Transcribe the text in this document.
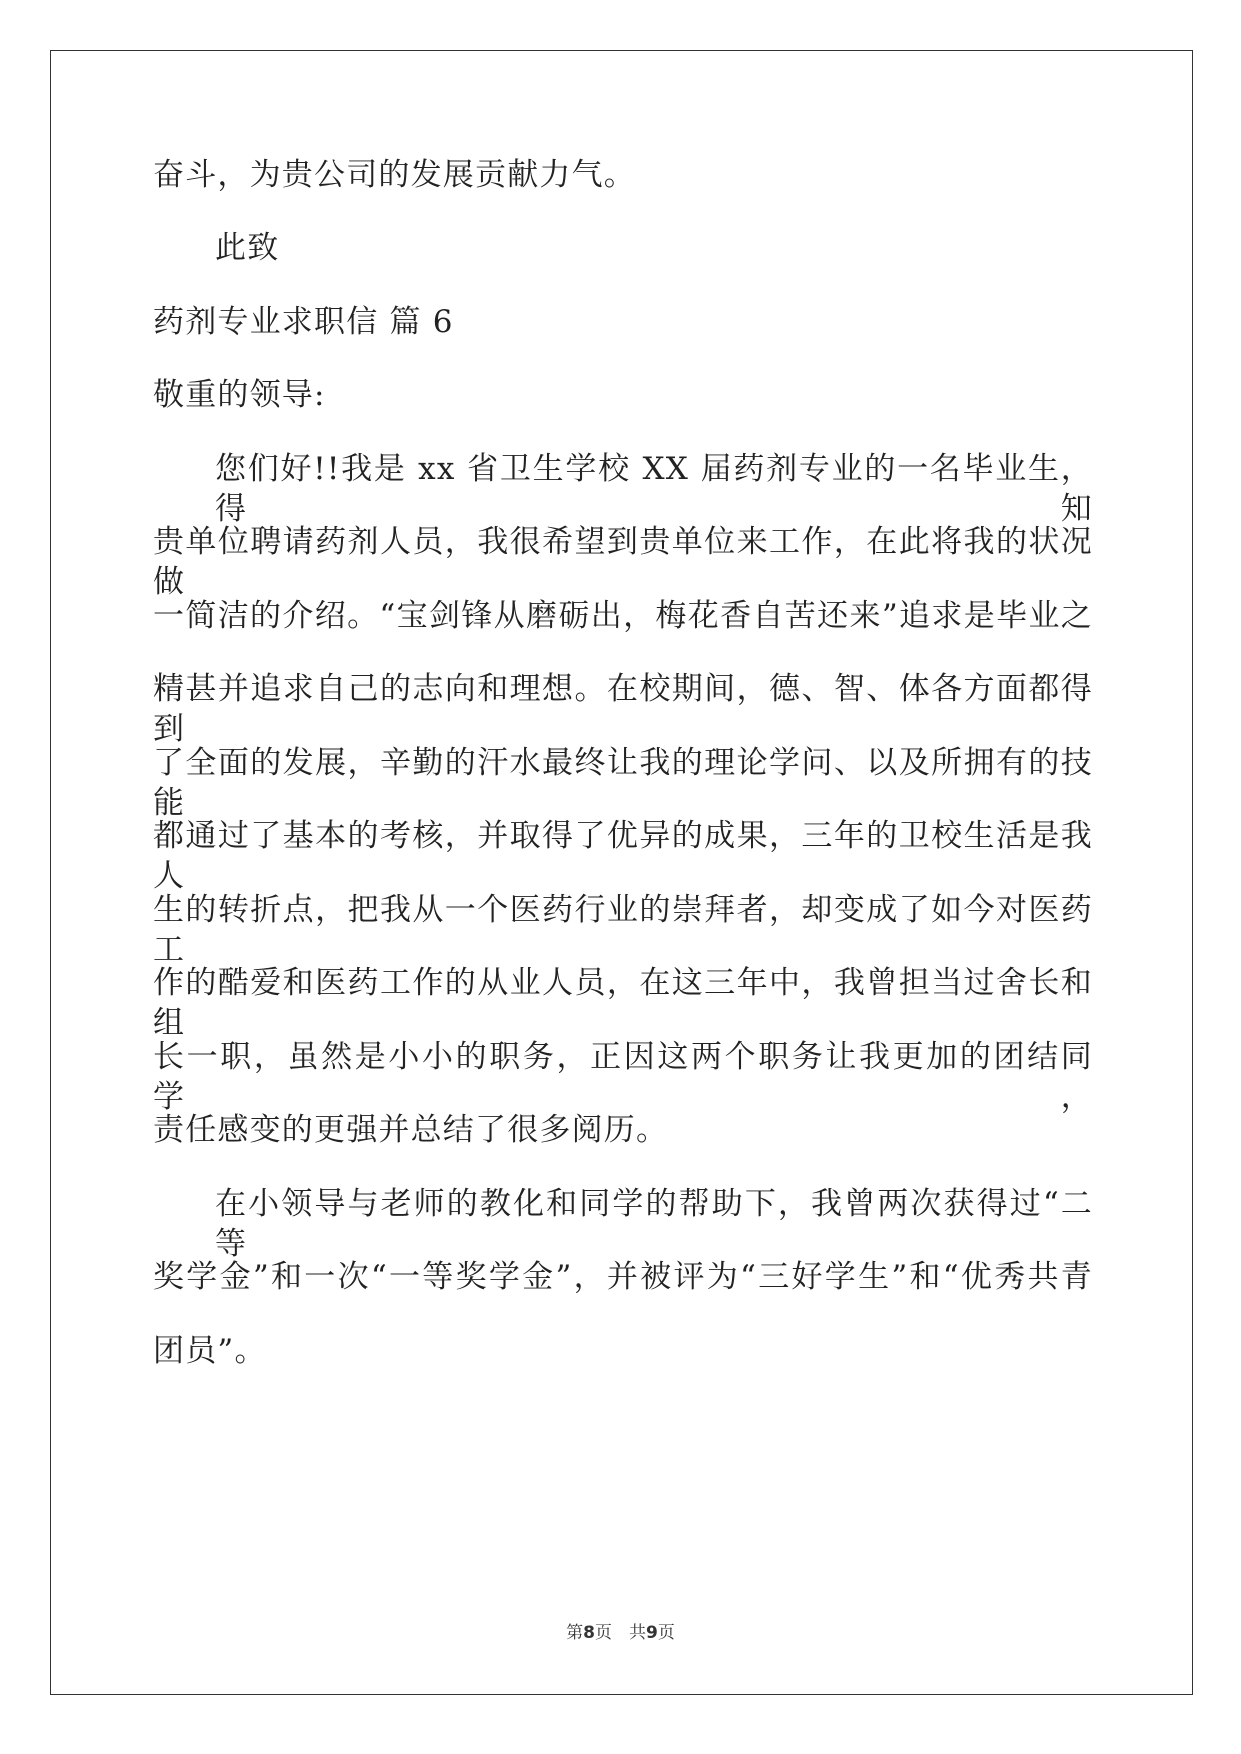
奋斗，为贵公司的发展贡献力气。
此致
药剂专业求职信 篇 6
敬重的领导:
您们好!!我是 xx 省卫生学校 XX 届药剂专业的一名毕业生，得知
贵单位聘请药剂人员，我很希望到贵单位来工作，在此将我的状况做
一简洁的介绍。“宝剑锋从磨砺出，梅花香自苦还来”追求是毕业之
精甚并追求自己的志向和理想。在校期间，德、智、体各方面都得到
了全面的发展，辛勤的汗水最终让我的理论学问、以及所拥有的技能
都通过了基本的考核，并取得了优异的成果，三年的卫校生活是我人
生的转折点，把我从一个医药行业的崇拜者，却变成了如今对医药工
作的酷爱和医药工作的从业人员，在这三年中，我曾担当过舍长和组
长一职，虽然是小小的职务，正因这两个职务让我更加的团结同学，
责任感变的更强并总结了很多阅历。
在小领导与老师的教化和同学的帮助下，我曾两次获得过“二等
奖学金”和一次“一等奖学金”，并被评为“三好学生”和“优秀共青
团员”。
第8页　共9页
